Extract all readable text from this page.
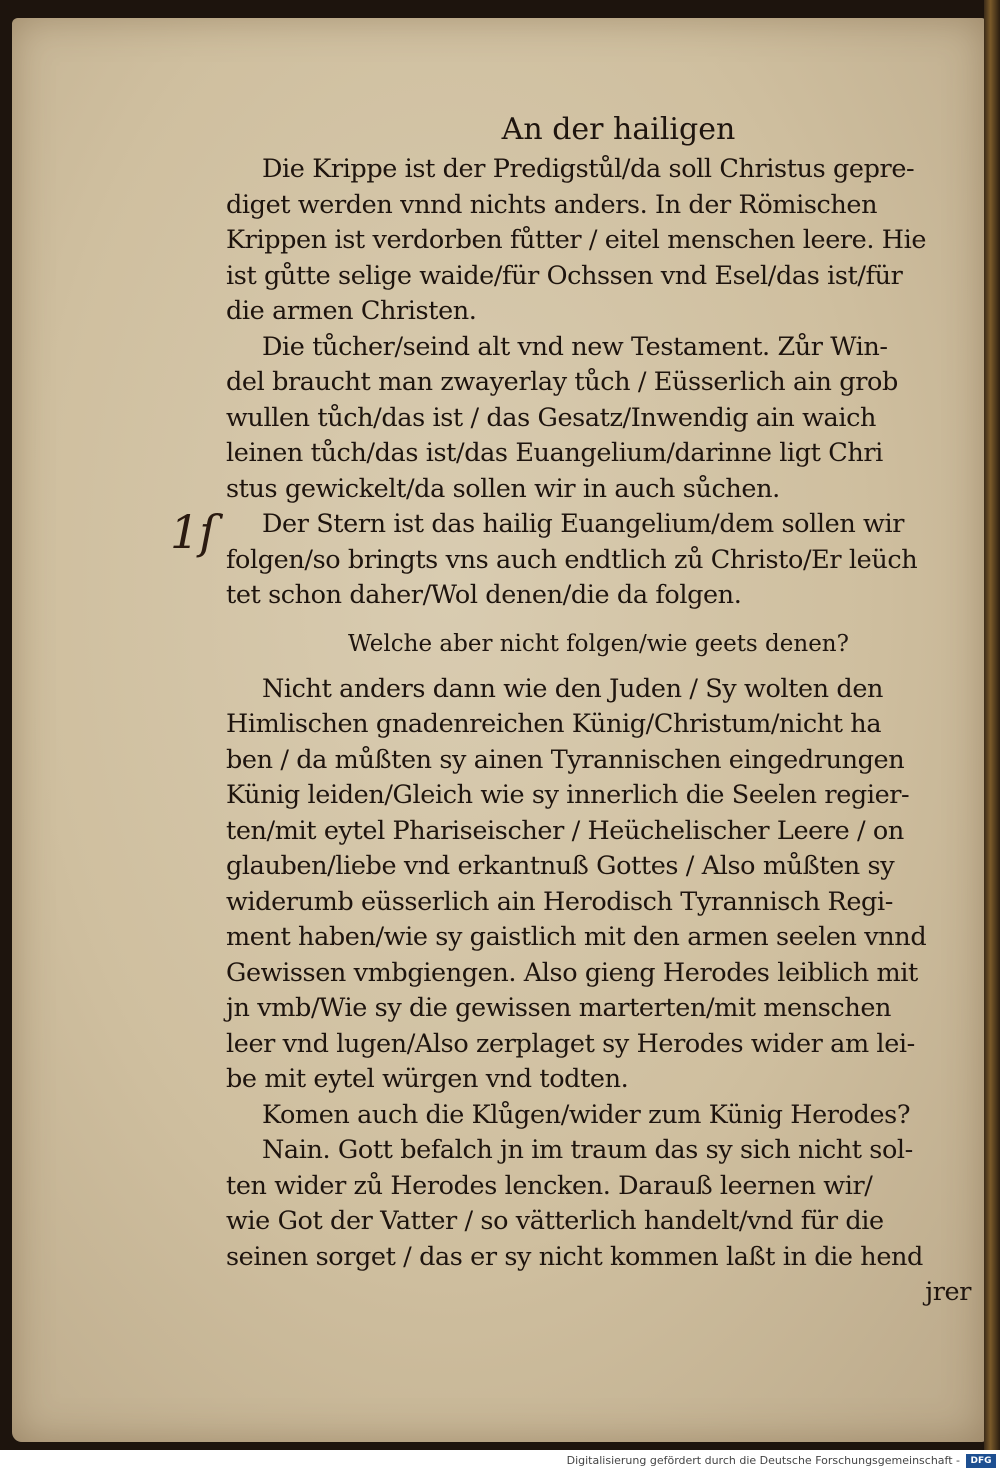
1ſ
An der hailigen
Die Krippe ist der Predigstůl/da soll Christus gepre-
diget werden vnnd nichts anders. In der Römischen
Krippen ist verdorben fůtter / eitel menschen leere. Hie
ist gůtte selige waide/für Ochssen vnd Esel/das ist/für
die armen Christen.
Die tůcher/seind alt vnd new Testament. Zůr Win-
del braucht man zwayerlay tůch / Eüsserlich ain grob
wullen tůch/das ist / das Gesatz/Inwendig ain waich
leinen tůch/das ist/das Euangelium/darinne ligt Chri
stus gewickelt/da sollen wir in auch sůchen.
Der Stern ist das hailig Euangelium/dem sollen wir
folgen/so bringts vns auch endtlich zů Christo/Er leüch
tet schon daher/Wol denen/die da folgen.
Welche aber nicht folgen/wie geets denen?
Nicht anders dann wie den Juden / Sy wolten den
Himlischen gnadenreichen Künig/Christum/nicht ha
ben / da můßten sy ainen Tyrannischen eingedrungen
Künig leiden/Gleich wie sy innerlich die Seelen regier-
ten/mit eytel Phariseischer / Heüchelischer Leere / on
glauben/liebe vnd erkantnuß Gottes / Also můßten sy
widerumb eüsserlich ain Herodisch Tyrannisch Regi-
ment haben/wie sy gaistlich mit den armen seelen vnnd
Gewissen vmbgiengen. Also gieng Herodes leiblich mit
jn vmb/Wie sy die gewissen marterten/mit menschen
leer vnd lugen/Also zerplaget sy Herodes wider am lei-
be mit eytel würgen vnd todten.
Komen auch die Klůgen/wider zum Künig Herodes?
Nain. Gott befalch jn im traum das sy sich nicht sol-
ten wider zů Herodes lencken. Darauß leernen wir/
wie Got der Vatter / so vätterlich handelt/vnd für die
seinen sorget / das er sy nicht kommen laßt in die hend
jrer
Digitalisierung gefördert durch die Deutsche Forschungsgemeinschaft -	DFG
